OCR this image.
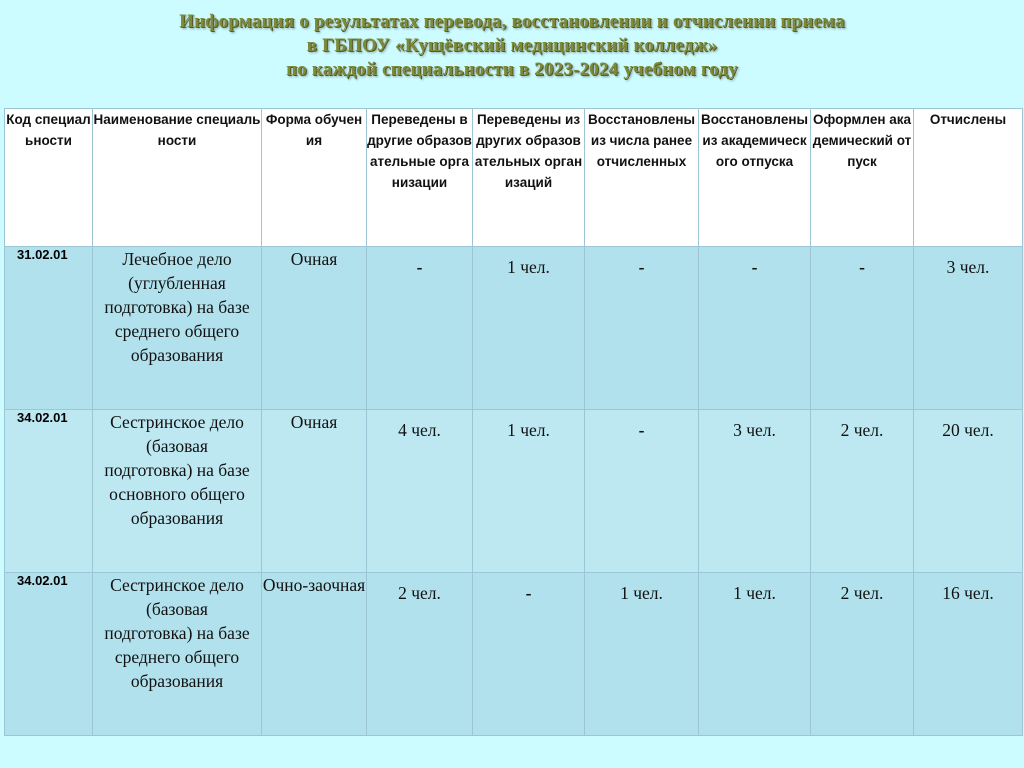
Информация о результатах перевода, восстановлении и отчислении приема
в ГБПОУ «Кущёвский медицинский колледж»
по каждой специальности в 2023-2024 учебном году
Код специальности	Наименование специальности	Форма обучения	Переведены в другие образовательные организации	Переведены из других образовательных организаций	Восстановлены из числа ранее отчисленных	Восстановлены из академического отпуска	Оформлен академический отпуск	Отчислены
31.02.01	Лечебное дело (углубленная подготовка) на базе среднего общего образования	Очная	-	1 чел.	-	-	-	3 чел.
34.02.01	Сестринское дело (базовая подготовка) на базе основного общего образования	Очная	4 чел.	1 чел.	-	3 чел.	2 чел.	20 чел.
34.02.01	Сестринское дело (базовая подготовка) на базе среднего общего образования	Очно-заочная	2 чел.	-	1 чел.	1 чел.	2 чел.	16 чел.
